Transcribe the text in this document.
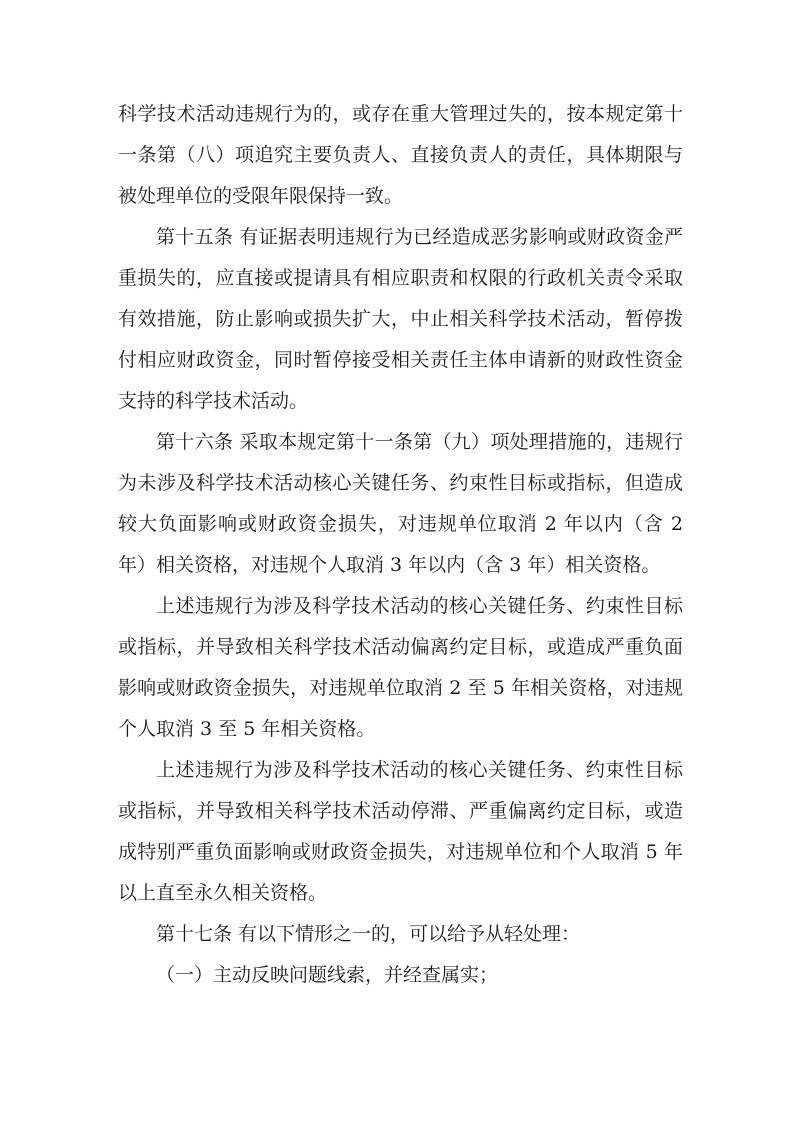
科学技术活动违规行为的，或存在重大管理过失的，按本规定第十一条第（八）项追究主要负责人、直接负责人的责任，具体期限与被处理单位的受限年限保持一致。

第十五条 有证据表明违规行为已经造成恶劣影响或财政资金严重损失的，应直接或提请具有相应职责和权限的行政机关责令采取有效措施，防止影响或损失扩大，中止相关科学技术活动，暂停拨付相应财政资金，同时暂停接受相关责任主体申请新的财政性资金支持的科学技术活动。

第十六条 采取本规定第十一条第（九）项处理措施的，违规行为未涉及科学技术活动核心关键任务、约束性目标或指标，但造成较大负面影响或财政资金损失，对违规单位取消 2 年以内（含 2 年）相关资格，对违规个人取消 3 年以内（含 3 年）相关资格。

上述违规行为涉及科学技术活动的核心关键任务、约束性目标或指标，并导致相关科学技术活动偏离约定目标，或造成严重负面影响或财政资金损失，对违规单位取消 2 至 5 年相关资格，对违规个人取消 3 至 5 年相关资格。

上述违规行为涉及科学技术活动的核心关键任务、约束性目标或指标，并导致相关科学技术活动停滞、严重偏离约定目标，或造成特别严重负面影响或财政资金损失，对违规单位和个人取消 5 年以上直至永久相关资格。

第十七条 有以下情形之一的，可以给予从轻处理：

（一）主动反映问题线索，并经查属实；
